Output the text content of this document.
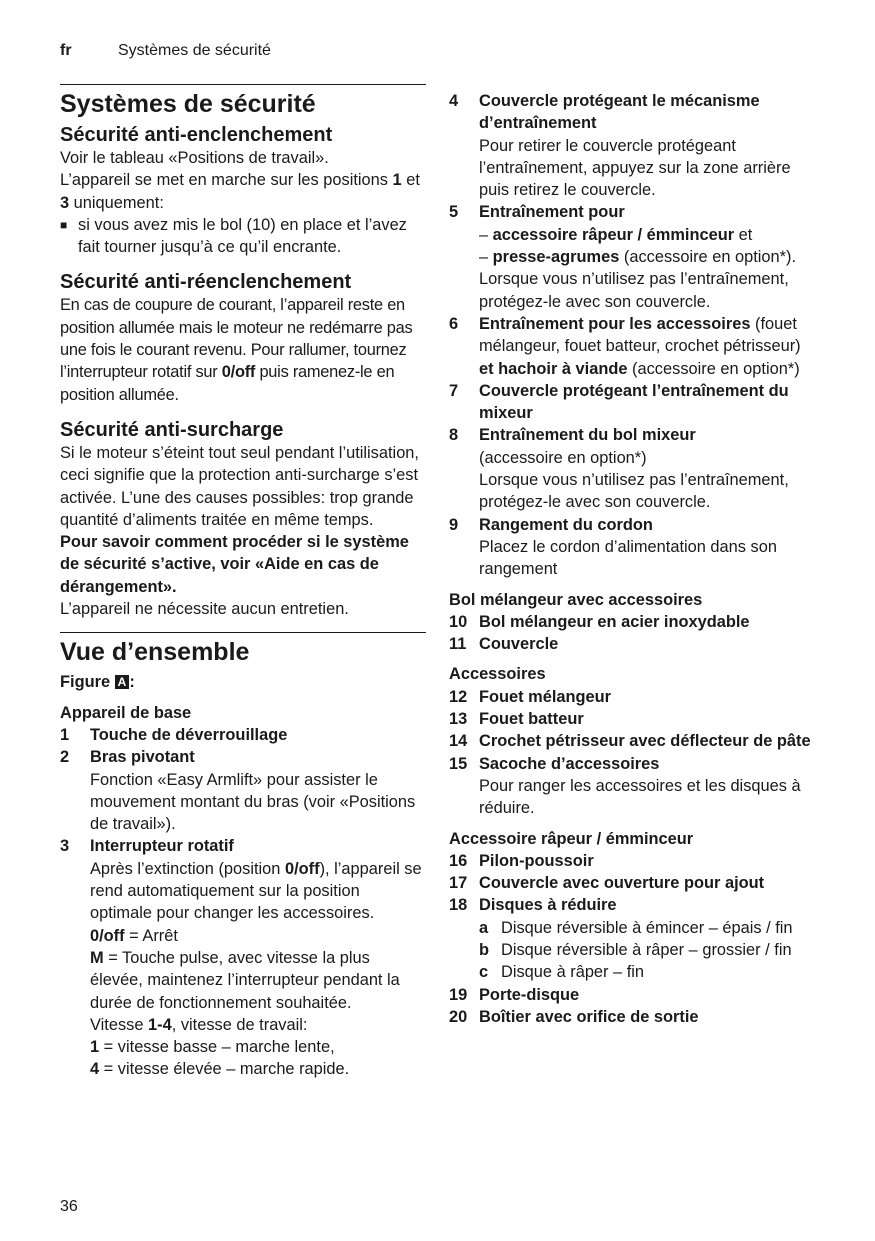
fr	Systèmes de sécurité
Systèmes de sécurité
Sécurité anti-enclenchement

Voir le tableau «Positions de travail».

L’appareil se met en marche sur les positions 1 et 3 uniquement:

■ si vous avez mis le bol (10) en place et l’avez fait tourner jusqu’à ce qu’il encrante.
Sécurité anti-réenclenchement

En cas de coupure de courant, l’appareil reste en position allumée mais le moteur ne redémarre pas une fois le courant revenu. Pour rallumer, tournez l’interrupteur rotatif sur 0/off puis ramenez-le en position allumée.

Sécurité anti-surcharge

Si le moteur s’éteint tout seul pendant l’utilisation, ceci signifie que la protection anti-surcharge s’est activée. L’une des causes possibles: trop grande quantité d’aliments traitée en même temps.

Pour savoir comment procéder si le système de sécurité s’active, voir «Aide en cas de dérangement».

L’appareil ne nécessite aucun entretien.

Vue d’ensemble

Figure A :

Appareil de base

1	Touche de déverrouillage
2	Bras pivotant

Fonction «Easy Armlift» pour assister le mouvement montant du bras (voir «Positions de travail»).

3	Interrupteur rotatif

Après l’extinction (position 0/off), l’appareil se rend automatiquement sur la position optimale pour changer les accessoires.

0/off = Arrêt

M = Touche pulse, avec vitesse la plus élevée, maintenez l’interrupteur pendant la durée de fonctionnement souhaitée.

Vitesse 1-4, vitesse de travail:

1 = vitesse basse – marche lente,

4 = vitesse élevée – marche rapide.

4	Couvercle protégeant le mécanisme d’entraînement

Pour retirer le couvercle protégeant l’entraînement, appuyez sur la zone arrière puis retirez le couvercle.

5	Entraînement pour

– accessoire râpeur / émminceur et

– presse-agrumes (accessoire en option*).

Lorsque vous n’utilisez pas l’entraînement, protégez-le avec son couvercle.

6	Entraînement pour les accessoires (fouet mélangeur, fouet batteur, crochet pétrisseur) et hachoir à viande (accessoire en option*)
7	Couvercle protégeant l’entraînement du mixeur
8	Entraînement du bol mixeur

(accessoire en option*)

Lorsque vous n’utilisez pas l’entraînement, protégez-le avec son couvercle.

9	Rangement du cordon

Placez le cordon d’alimentation dans son rangement

Bol mélangeur avec accessoires

10 Bol mélangeur en acier inoxydable
11 Couvercle

Accessoires

12 Fouet mélangeur
13 Fouet batteur
14 Crochet pétrisseur avec déflecteur de pâte
15 Sacoche d’accessoires

Pour ranger les accessoires et les disques à réduire.

Accessoire râpeur / émminceur

16 Pilon-poussoir
17 Couvercle avec ouverture pour ajout
18 Disques à réduire
a Disque réversible à émincer – épais / fin
b Disque réversible à râper – grossier / fin
c Disque à râper – fin
19 Porte-disque
20 Boîtier avec orifice de sortie
36
